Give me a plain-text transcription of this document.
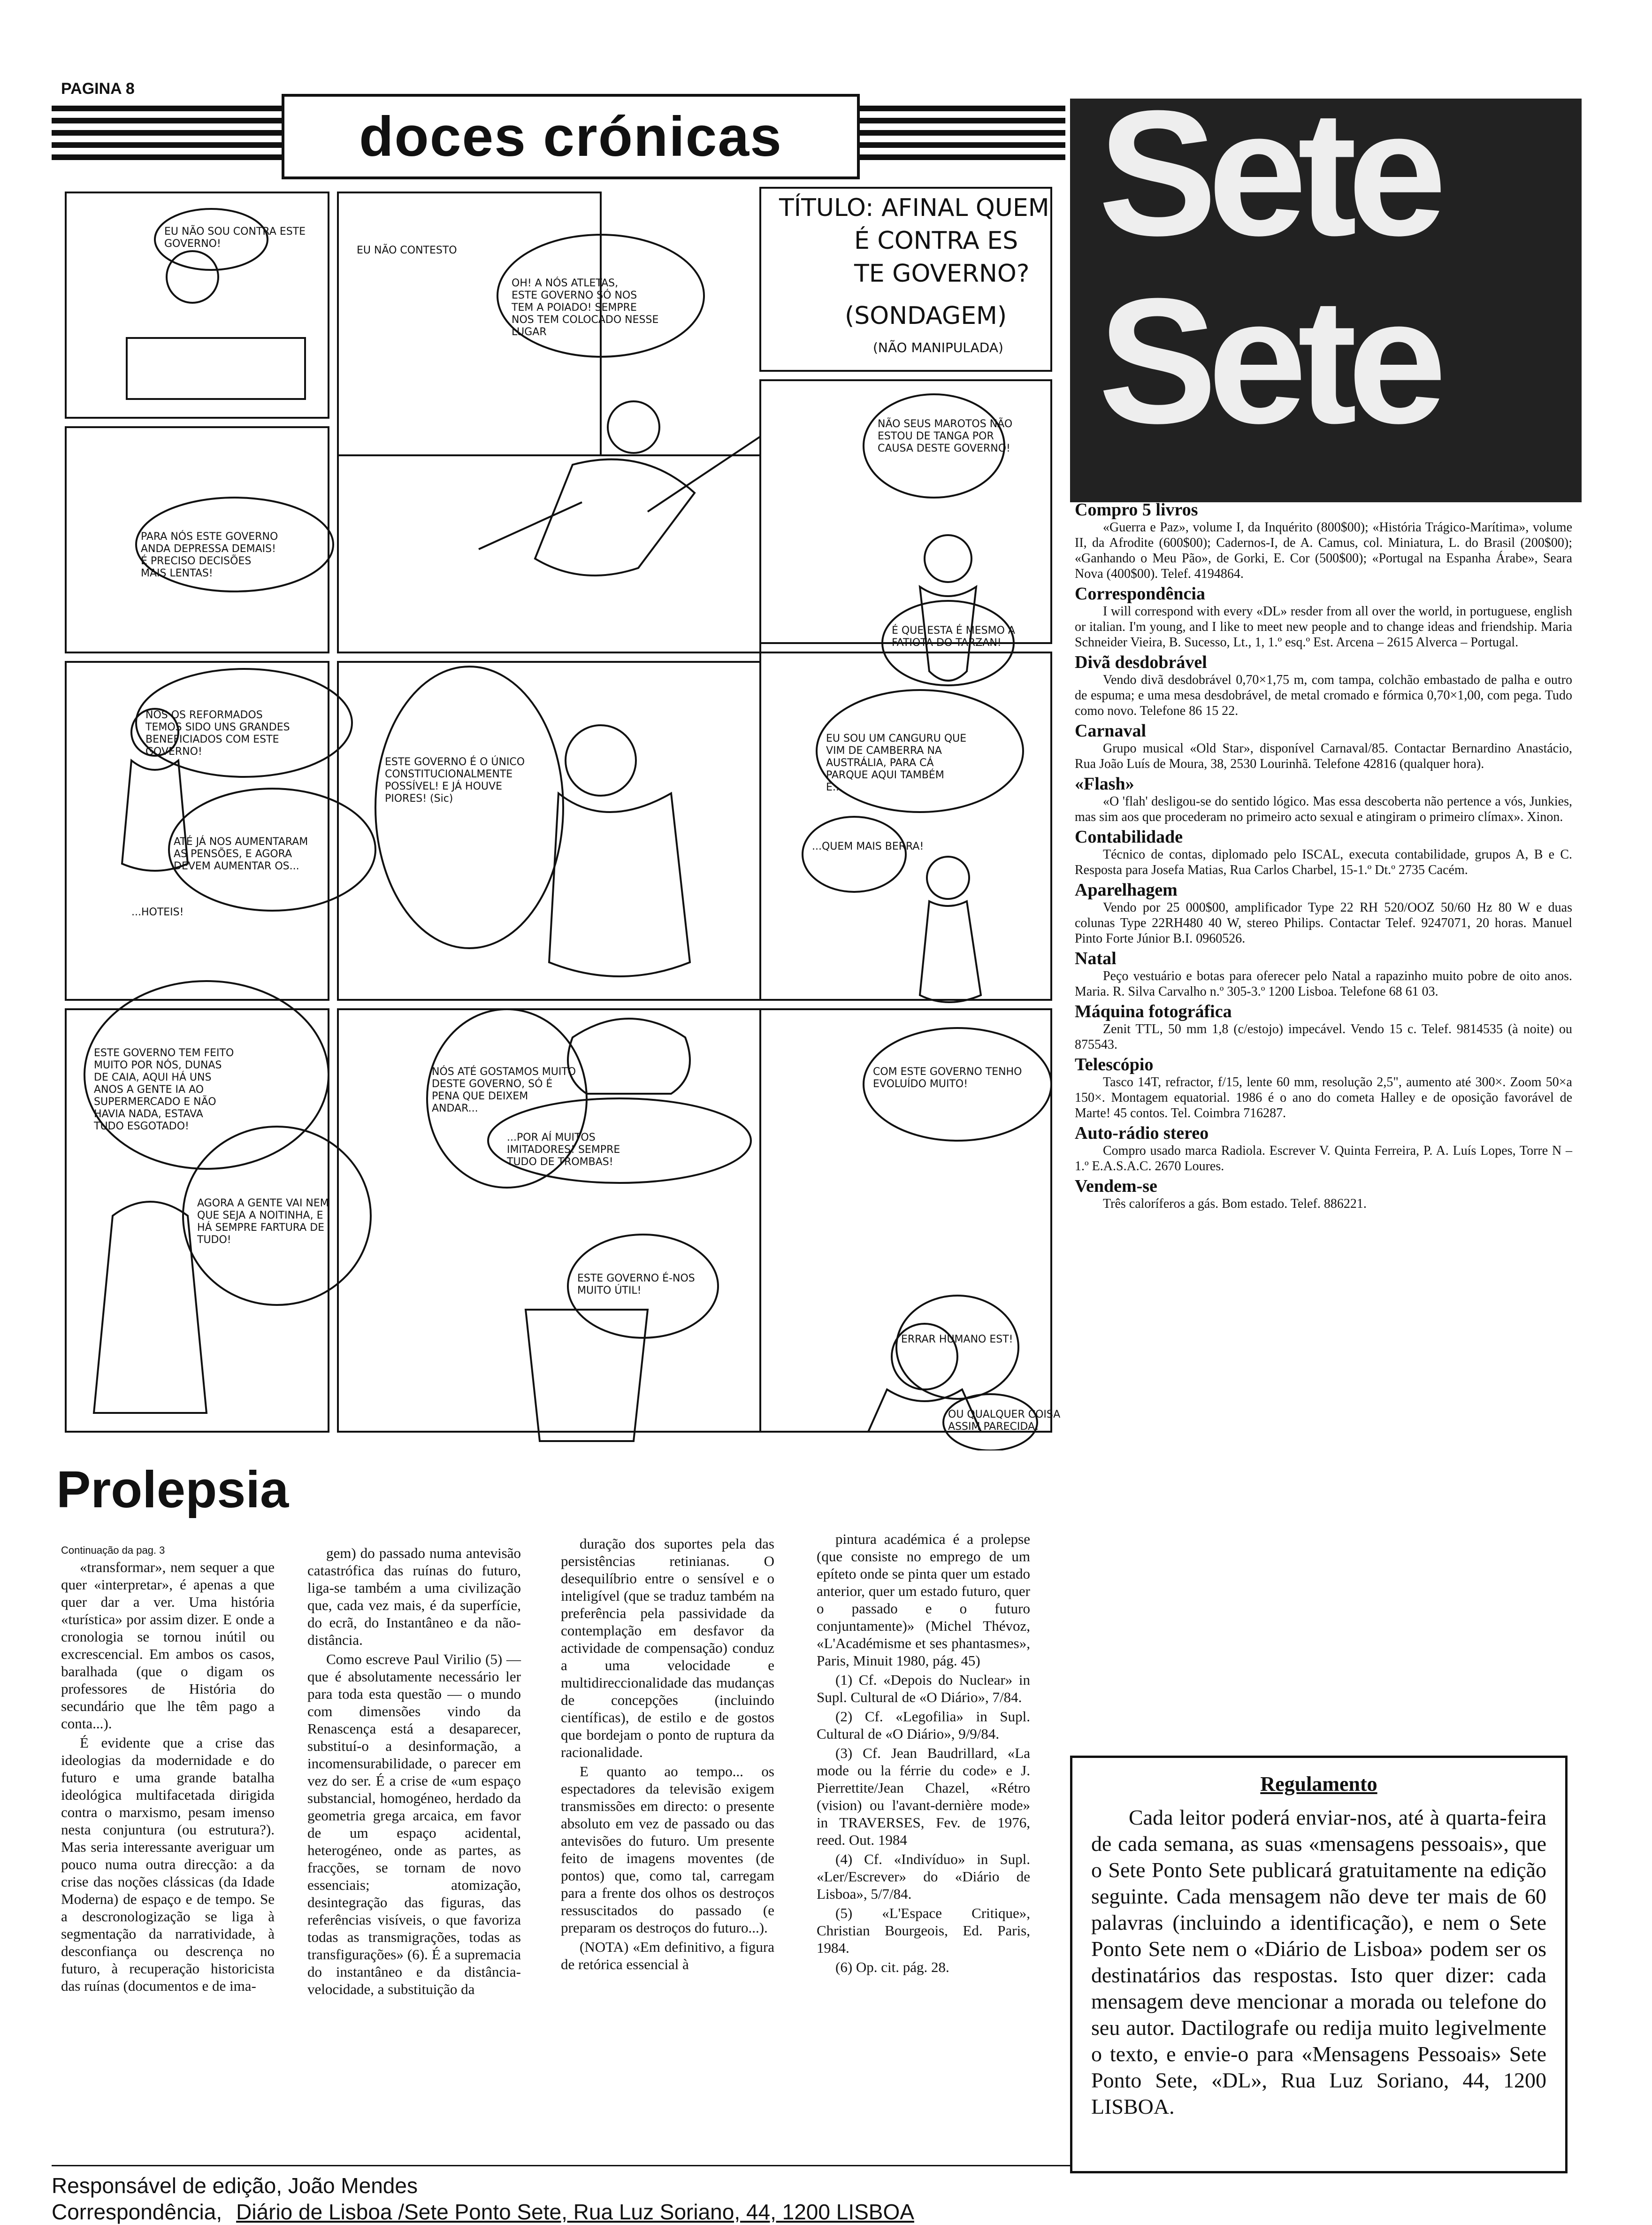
PAGINA 8
doces crónicas
TÍTULO: AFINAL QUEM
É CONTRA ES
TE GOVERNO?
(SONDAGEM)
(NÃO MANIPULADA)
EU NÃO SOU CONTRA ESTE GOVERNO!
EU NÃO CONTESTO
OH! A NÓS ATLETAS, ESTE GOVERNO SÓ NOS TEM A POIADO! SEMPRE NOS TEM COLOCADO NESSE LUGAR
NÃO SEUS MAROTOS NÃO ESTOU DE TANGA POR CAUSA DESTE GOVERNO!
PARA NÓS ESTE GOVERNO ANDA DEPRESSA DEMAIS! É PRECISO DECISÕES MAIS LENTAS!
É QUE ESTA É MESMO A FATIOTA DO TARZAN!
NÓS OS REFORMADOS TEMOS SIDO UNS GRANDES BENEFICIADOS COM ESTE GOVERNO!
ESTE GOVERNO É O ÚNICO CONSTITUCIONALMENTE POSSÍVEL! E JÁ HOUVE PIORES! (Sic)
EU SOU UM CANGURU QUE VIM DE CAMBERRA NA AUSTRÁLIA, PARA CÁ PARQUE AQUI TAMBÉM É...
ATÉ JÁ NOS AUMENTARAM AS PENSÕES, E AGORA DEVEM AUMENTAR OS...
...HOTEIS!
...QUEM MAIS BERRA!
ESTE GOVERNO TEM FEITO MUITO POR NÓS, DUNAS DE CAIA, AQUI HÁ UNS ANOS A GENTE IA AO SUPERMERCADO E NÃO HAVIA NADA, ESTAVA TUDO ESGOTADO!
NÓS ATÉ GOSTAMOS MUITO DESTE GOVERNO, SÓ É PENA QUE DEIXEM ANDAR...
...POR AÍ MUITOS IMITADORES! SEMPRE TUDO DE TROMBAS!
COM ESTE GOVERNO TENHO EVOLUÍDO MUITO!
AGORA A GENTE VAI NEM QUE SEJA A NOITINHA, E HÁ SEMPRE FARTURA DE TUDO!
ESTE GOVERNO É-NOS MUITO ÚTIL!
ERRAR HUMANO EST!
OU QUALQUER COISA ASSIM PARECIDA!
Sete
Sete
Compro 5 livros

«Guerra e Paz», volume I, da Inquérito (800$00); «História Trágico-Marítima», volume II, da Afrodite (600$00); Cadernos-I, de A. Camus, col. Miniatura, L. do Brasil (200$00); «Ganhando o Meu Pão», de Gorki, E. Cor (500$00); «Portugal na Espanha Árabe», Seara Nova (400$00). Telef. 4194864.

Correspondência

I will correspond with every «DL» resder from all over the world, in portuguese, english or italian. I'm young, and I like to meet new people and to change ideas and friendship. Maria Schneider Vieira, B. Sucesso, Lt., 1, 1.º esq.º Est. Arcena – 2615 Alverca – Portugal.

Divã desdobrável

Vendo divã desdobrável 0,70×1,75 m, com tampa, colchão embastado de palha e outro de espuma; e uma mesa desdobrável, de metal cromado e fórmica 0,70×1,00, com pega. Tudo como novo. Telefone 86 15 22.

Carnaval

Grupo musical «Old Star», disponível Carnaval/85. Contactar Bernardino Anastácio, Rua João Luís de Moura, 38, 2530 Lourinhã. Telefone 42816 (qualquer hora).

«Flash»

«O 'flah' desligou-se do sentido lógico. Mas essa descoberta não pertence a vós, Junkies, mas sim aos que procederam no primeiro acto sexual e atingiram o primeiro clímax». Xinon.

Contabilidade

Técnico de contas, diplomado pelo ISCAL, executa contabilidade, grupos A, B e C. Resposta para Josefa Matias, Rua Carlos Charbel, 15-1.º Dt.º 2735 Cacém.

Aparelhagem

Vendo por 25 000$00, amplificador Type 22 RH 520/OOZ 50/60 Hz 80 W e duas colunas Type 22RH480 40 W, stereo Philips. Contactar Telef. 9247071, 20 horas. Manuel Pinto Forte Júnior B.I. 0960526.

Natal

Peço vestuário e botas para oferecer pelo Natal a rapazinho muito pobre de oito anos. Maria. R. Silva Carvalho n.º 305-3.º 1200 Lisboa. Telefone 68 61 03.

Máquina fotográfica

Zenit TTL, 50 mm 1,8 (c/estojo) impecável. Vendo 15 c. Telef. 9814535 (à noite) ou 875543.

Telescópio

Tasco 14T, refractor, f/15, lente 60 mm, resolução 2,5", aumento até 300×. Zoom 50×a 150×. Montagem equatorial. 1986 é o ano do cometa Halley e de oposição favorável de Marte! 45 contos. Tel. Coimbra 716287.

Auto-rádio stereo

Compro usado marca Radiola. Escrever V. Quinta Ferreira, P. A. Luís Lopes, Torre N – 1.º E.A.S.A.C. 2670 Loures.

Vendem-se

Três caloríferos a gás. Bom estado. Telef. 886221.

Regulamento
Cada leitor poderá enviar-nos, até à quarta-feira de cada semana, as suas «mensagens pessoais», que o Sete Ponto Sete publicará gratuitamente na edição seguinte. Cada mensagem não deve ter mais de 60 palavras (incluindo a identificação), e nem o Sete Ponto Sete nem o «Diário de Lisboa» podem ser os destinatários das respostas. Isto quer dizer: cada mensagem deve mencionar a morada ou telefone do seu autor. Dactilografe ou redija muito legivelmente o texto, e envie-o para «Mensagens Pessoais» Sete Ponto Sete, «DL», Rua Luz Soriano, 44, 1200 LISBOA.
Prolepsia
Continuação da pag. 3

«transformar», nem sequer a que quer «interpretar», é apenas a que quer dar a ver. Uma história «turística» por assim dizer. E onde a cronologia se tornou inútil ou excrescencial. Em ambos os casos, baralhada (que o digam os professores de História do secundário que lhe têm pago a conta...).

É evidente que a crise das ideologias da modernidade e do futuro e uma grande batalha ideológica multifacetada dirigida contra o marxismo, pesam imenso nesta conjuntura (ou estrutura?). Mas seria interessante averiguar um pouco numa outra direcção: a da crise das noções clássicas (da Idade Moderna) de espaço e de tempo. Se a descronologização se liga à segmentação da narratividade, à desconfiança ou descrença no futuro, à recuperação historicista das ruínas (documentos e de ima-

gem) do passado numa antevisão catastrófica das ruínas do futuro, liga-se também a uma civilização que, cada vez mais, é da superfície, do ecrã, do Instantâneo e da não-distância.

Como escreve Paul Virilio (5) — que é absolutamente necessário ler para toda esta questão — o mundo com dimensões vindo da Renascença está a desaparecer, substituí-o a desinformação, a incomensurabilidade, o parecer em vez do ser. É a crise de «um espaço substancial, homogéneo, herdado da geometria grega arcaica, em favor de um espaço acidental, heterogéneo, onde as partes, as fracções, se tornam de novo essenciais; atomização, desintegração das figuras, das referências visíveis, o que favoriza todas as transmigrações, todas as transfigurações» (6). É a supremacia do instantâneo e da distância-velocidade, a substituição da

duração dos suportes pela das persistências retinianas. O desequilíbrio entre o sensível e o inteligível (que se traduz também na preferência pela passividade da contemplação em desfavor da actividade de compensação) conduz a uma velocidade e multidireccionalidade das mudanças de concepções (incluindo científicas), de estilo e de gostos que bordejam o ponto de ruptura da racionalidade.

E quanto ao tempo... os espectadores da televisão exigem transmissões em directo: o presente absoluto em vez de passado ou das antevisões do futuro. Um presente feito de imagens moventes (de pontos) que, como tal, carregam para a frente dos olhos os destroços ressuscitados do passado (e preparam os destroços do futuro...).

(NOTA) «Em definitivo, a figura de retórica essencial à

pintura académica é a prolepse (que consiste no emprego de um epíteto onde se pinta quer um estado anterior, quer um estado futuro, quer o passado e o futuro conjuntamente)» (Michel Thévoz, «L'Académisme et ses phantasmes», Paris, Minuit 1980, pág. 45)

(1) Cf. «Depois do Nuclear» in Supl. Cultural de «O Diário», 7/84.

(2) Cf. «Legofilia» in Supl. Cultural de «O Diário», 9/9/84.

(3) Cf. Jean Baudrillard, «La mode ou la férrie du code» e J. Pierrettite/Jean Chazel, «Rétro (vision) ou l'avant-dernière mode» in TRAVERSES, Fev. de 1976, reed. Out. 1984

(4) Cf. «Indivíduo» in Supl. «Ler/Escrever» do «Diário de Lisboa», 5/7/84.

(5) «L'Espace Critique», Christian Bourgeois, Ed. Paris, 1984.

(6) Op. cit. pág. 28.

Responsável de edição, João Mendes
Correspondência, Diário de Lisboa /Sete Ponto Sete, Rua Luz Soriano, 44, 1200 LISBOA
